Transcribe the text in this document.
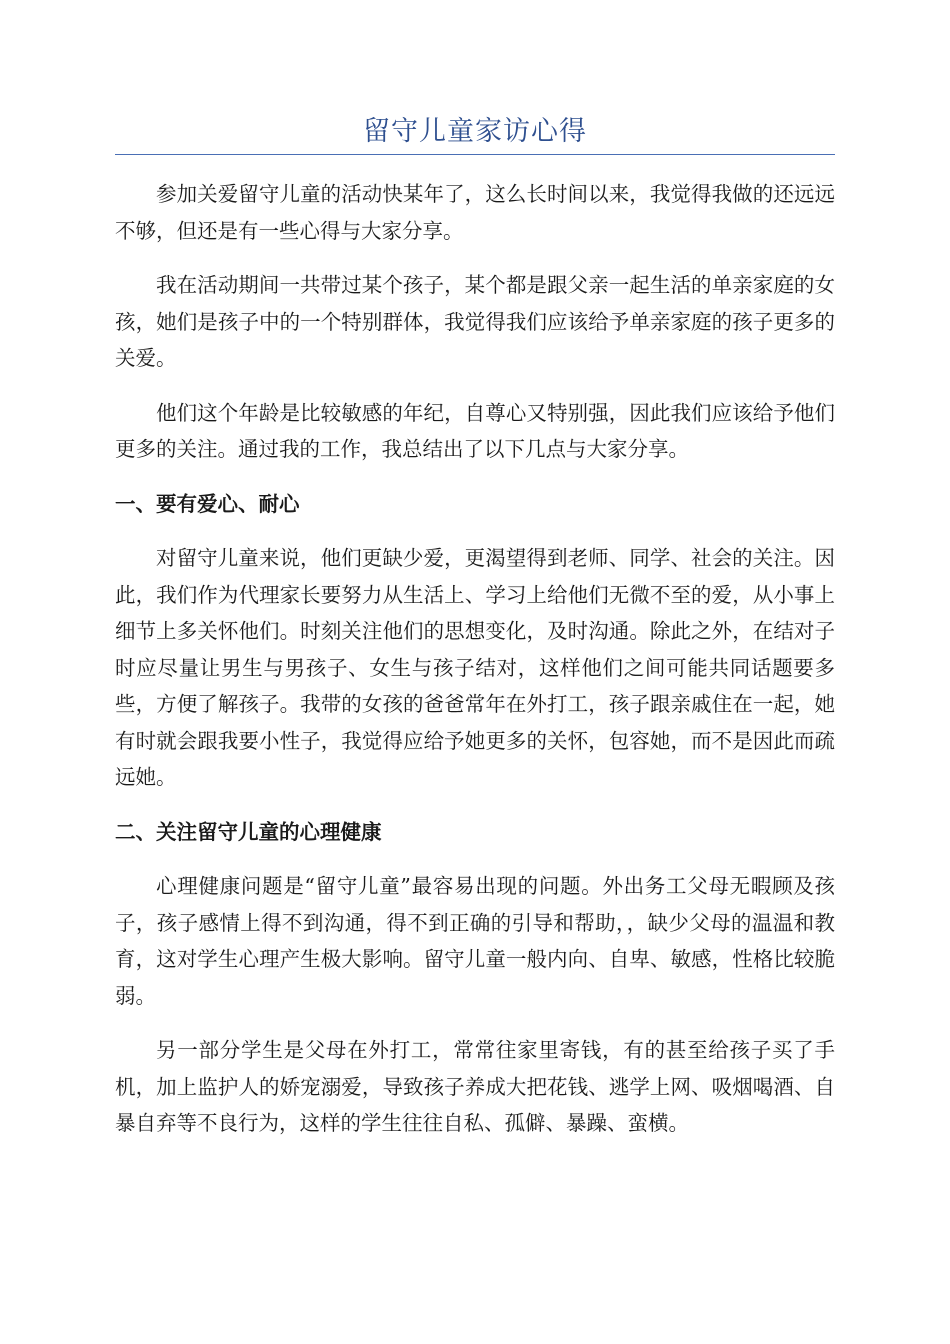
留守儿童家访心得

参加关爱留守儿童的活动快某年了，这么长时间以来，我觉得我做的还远远不够，但还是有一些心得与大家分享。

我在活动期间一共带过某个孩子，某个都是跟父亲一起生活的单亲家庭的女孩，她们是孩子中的一个特别群体，我觉得我们应该给予单亲家庭的孩子更多的关爱。

他们这个年龄是比较敏感的年纪，自尊心又特别强，因此我们应该给予他们更多的关注。通过我的工作，我总结出了以下几点与大家分享。

一、要有爱心、耐心

对留守儿童来说，他们更缺少爱，更渴望得到老师、同学、社会的关注。因此，我们作为代理家长要努力从生活上、学习上给他们无微不至的爱，从小事上细节上多关怀他们。时刻关注他们的思想变化，及时沟通。除此之外，在结对子时应尽量让男生与男孩子、女生与孩子结对，这样他们之间可能共同话题要多些，方便了解孩子。我带的女孩的爸爸常年在外打工，孩子跟亲戚住在一起，她有时就会跟我要小性子，我觉得应给予她更多的关怀，包容她，而不是因此而疏远她。

二、关注留守儿童的心理健康

心理健康问题是“留守儿童”最容易出现的问题。外出务工父母无暇顾及孩子，孩子感情上得不到沟通，得不到正确的引导和帮助，，缺少父母的温温和教育，这对学生心理产生极大影响。留守儿童一般内向、自卑、敏感，性格比较脆弱。

另一部分学生是父母在外打工，常常往家里寄钱，有的甚至给孩子买了手机，加上监护人的娇宠溺爱，导致孩子养成大把花钱、逃学上网、吸烟喝酒、自暴自弃等不良行为，这样的学生往往自私、孤僻、暴躁、蛮横。
